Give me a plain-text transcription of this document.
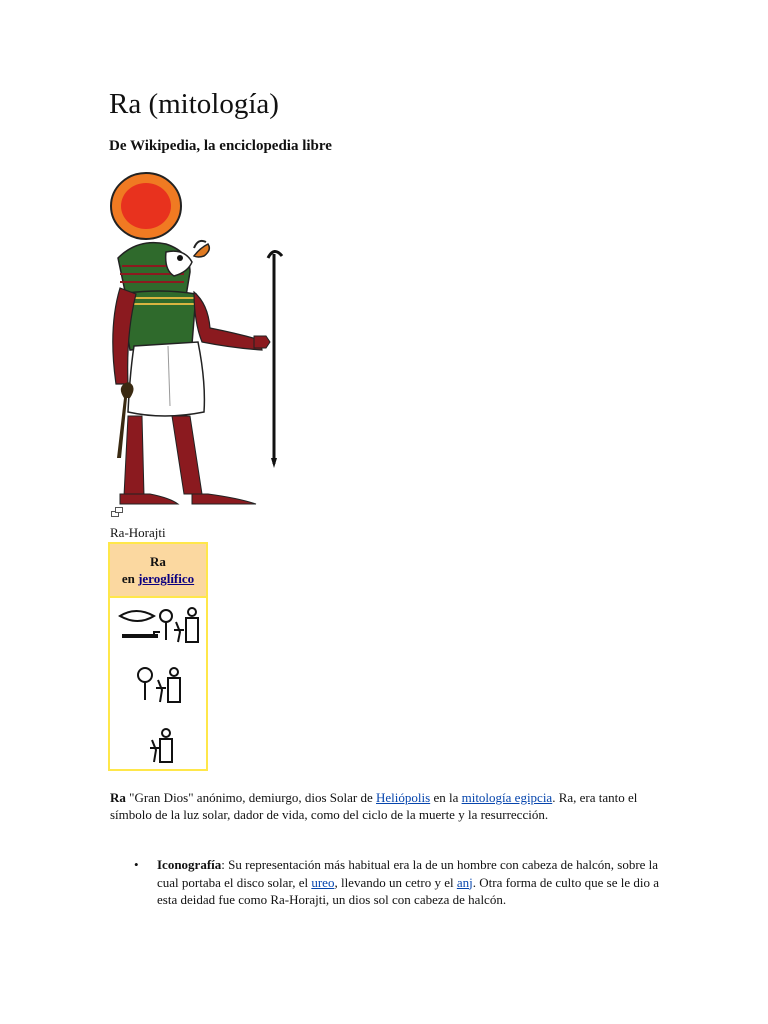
Ra (mitología)
De Wikipedia, la enciclopedia libre
Ra-Horajti
Ra
en jeroglífico

Ra "Gran Dios" anónimo, demiurgo, dios Solar de Heliópolis en la mitología egipcia. Ra, era tanto el símbolo de la luz solar, dador de vida, como del ciclo de la muerte y la resurrección.

• Iconografía: Su representación más habitual era la de un hombre con cabeza de halcón, sobre la cual portaba el disco solar, el ureo, llevando un cetro y el anj. Otra forma de culto que se le dio a esta deidad fue como Ra-Horajti, un dios sol con cabeza de halcón.
